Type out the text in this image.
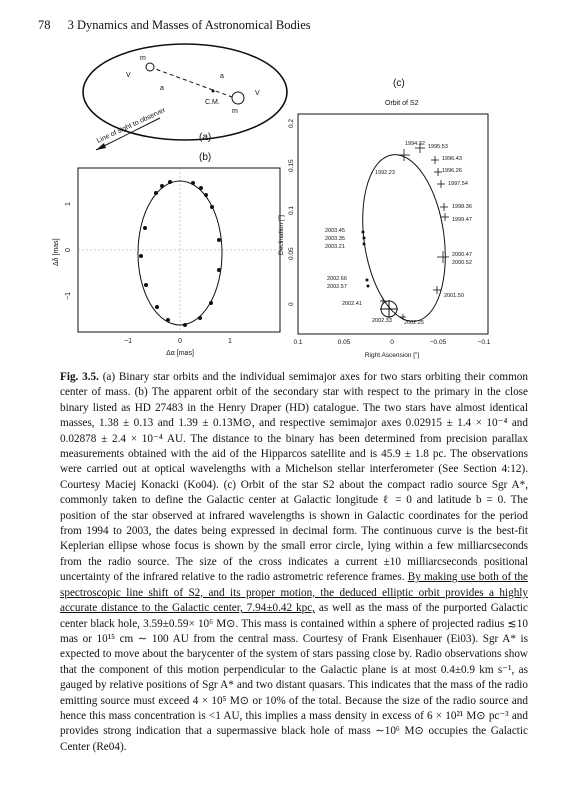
78 3 Dynamics and Masses of Astronomical Bodies
m
V
a
a
C.M.
m
V
Line of sight to observer	(a)
(b)
−1	0	1
Δα [mas]
−1
0
1
Δδ [mas]
(c)
Orbit of S2
1994.32 1995.53
1992.23
1996.43
1996.26
1997.54
1998.36
1999.47
2003.45
2003.35
2003.21
2000.47
2000.52
2002.66
2002.57
2001.50
2002.41
2002.33 2002.25
0.1	0.05	0	−0.05	−0.1
Right Ascension ["]
0
0.05
0.1
0.15
0.2
Declination ["]

Fig. 3.5. (a) Binary star orbits and the individual semimajor axes for two stars orbiting their common center of mass. (b) The apparent orbit of the secondary star with respect to the primary in the close binary listed as HD 27483 in the Henry Draper (HD) catalogue. The two stars have almost identical masses, 1.38 ± 0.13 and 1.39 ± 0.13M⊙, and respective semimajor axes 0.02915 ± 1.4 × 10⁻⁴ and 0.02878 ± 2.4 × 10⁻⁴ AU. The distance to the binary has been determined from precision parallax measurements obtained with the aid of the Hipparcos satellite and is 45.9 ± 1.8 pc. The observations were carried out at optical wavelengths with a Michelson stellar interferometer (See Section 4:12). Courtesy Maciej Konacki (Ko04). (c) Orbit of the star S2 about the compact radio source Sgr A*, commonly taken to define the Galactic center at Galactic longitude ℓ = 0 and latitude b = 0. The position of the star observed at infrared wavelengths is shown in Galactic coordinates for the period from 1994 to 2003, the dates being expressed in decimal form. The continuous curve is the best-fit Keplerian ellipse whose focus is shown by the small error circle, lying within a few milliarcseconds from the radio source. The size of the cross indicates a current ±10 milliarcseconds positional uncertainty of the infrared relative to the radio astrometric reference frames. By making use both of the spectroscopic line shift of S2, and its proper motion, the deduced elliptic orbit provides a highly accurate distance to the Galactic center, 7.94±0.42 kpc, as well as the mass of the purported Galactic center black hole, 3.59±0.59× 10⁶ M⊙. This mass is contained within a sphere of projected radius ≲10 mas or 10¹⁵ cm ∼ 100 AU from the central mass. Courtesy of Frank Eisenhauer (Ei03). Sgr A* is expected to move about the barycenter of the system of stars passing close by. Radio observations show that the component of this motion perpendicular to the Galactic plane is at most 0.4±0.9 km s⁻¹, as gauged by relative positions of Sgr A* and two distant quasars. This indicates that the mass of the radio emitting source must exceed 4 × 10⁵ M⊙ or 10% of the total. Because the size of the radio source and hence this mass concentration is <1 AU, this implies a mass density in excess of 6 × 10²¹ M⊙ pc⁻³ and provides strong indication that a supermassive black hole of mass ∼10⁶ M⊙ occupies the Galactic Center (Re04).
